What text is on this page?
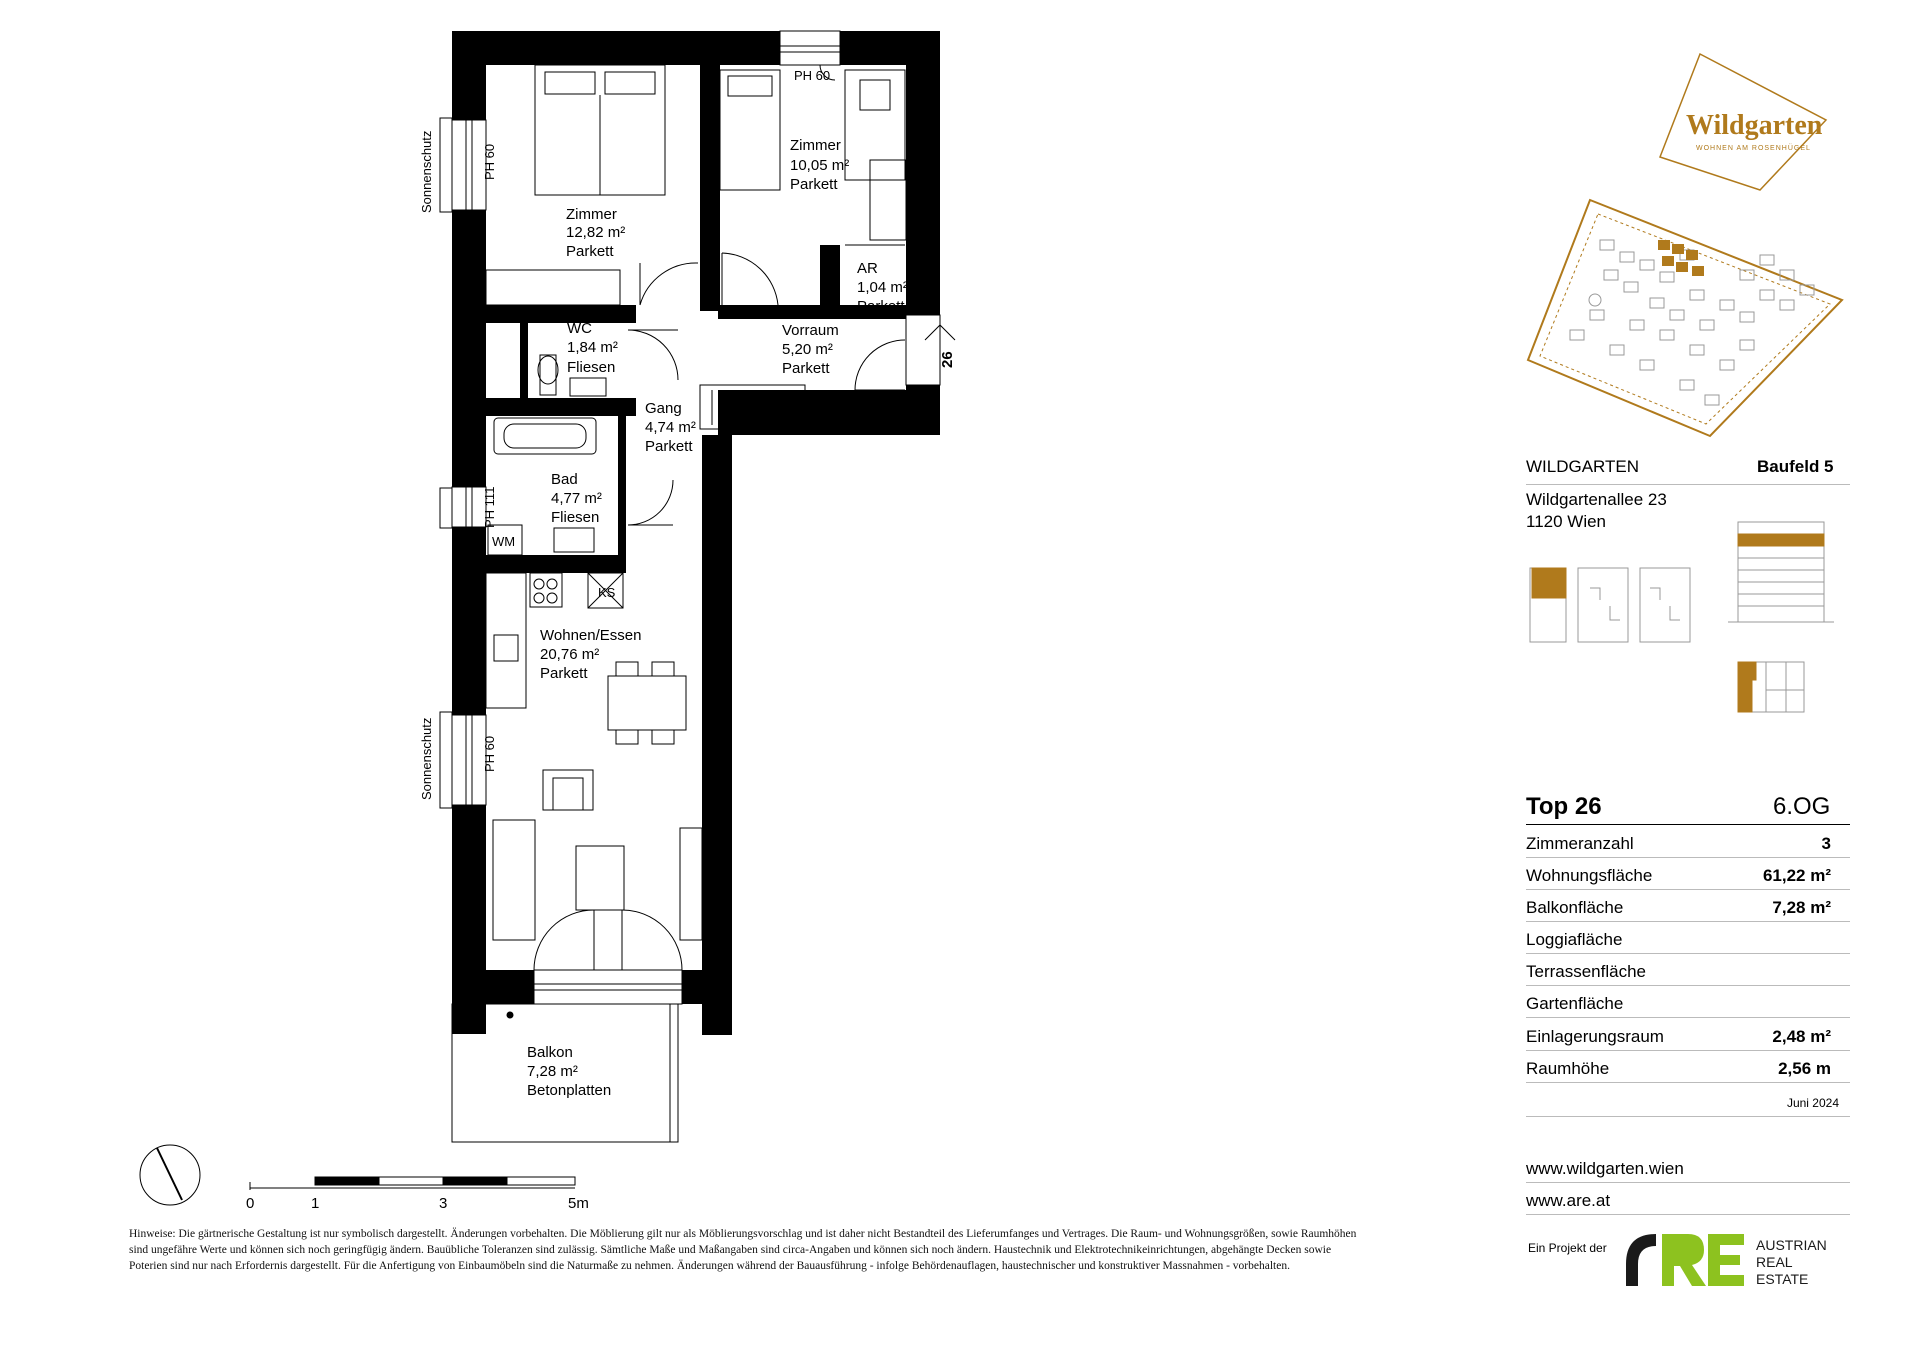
Zimmer
12,82 m²
Parkett
Zimmer
10,05 m²
Parkett
AR
1,04 m²
Parkett
WC
1,84 m²
Fliesen
Vorraum
5,20 m²
Parkett
Gang
4,74 m²
Parkett
Bad
4,77 m²
Fliesen
Wohnen/Essen
20,76 m²
Parkett
Balkon
7,28 m²
Betonplatten
PH 60
PH 60
PH 60
PH 111
Sonnenschutz
Sonnenschutz
WM
KS
26
0	1	3	5m
Wildgarten
WOHNEN AM ROSENHÜGEL
WILDGARTEN	Baufeld 5
Wildgartenallee 23
1120 Wien
Top 26	6.OG
Zimmeranzahl	3
Wohnungsfläche	61,22 m²
Balkonfläche	7,28 m²
Loggiafläche
Terrassenfläche
Gartenfläche
Einlagerungsraum	2,48 m²
Raumhöhe	2,56 m
Juni 2024
www.wildgarten.wien
www.are.at
Ein Projekt der	AUSTRIAN
REAL
ESTATE
Hinweise: Die gärtnerische Gestaltung ist nur symbolisch dargestellt. Änderungen vorbehalten. Die Möblierung gilt nur als Möblierungsvorschlag und ist daher nicht Bestandteil des Lieferumfanges und Vertrages. Die Raum- und Wohnungsgrößen, sowie Raumhöhen sind ungefähre Werte und können sich noch geringfügig ändern. Bauübliche Toleranzen sind zulässig. Sämtliche Maße und Maßangaben sind circa-Angaben und können sich noch ändern. Haustechnik und Elektrotechnikeinrichtungen, abgehängte Decken sowie Poterien sind nur nach Erfordernis dargestellt. Für die Anfertigung von Einbaumöbeln sind die Naturmaße zu nehmen. Änderungen während der Bauausführung - infolge Behördenauflagen, haustechnischer und konstruktiver Massnahmen - vorbehalten.
